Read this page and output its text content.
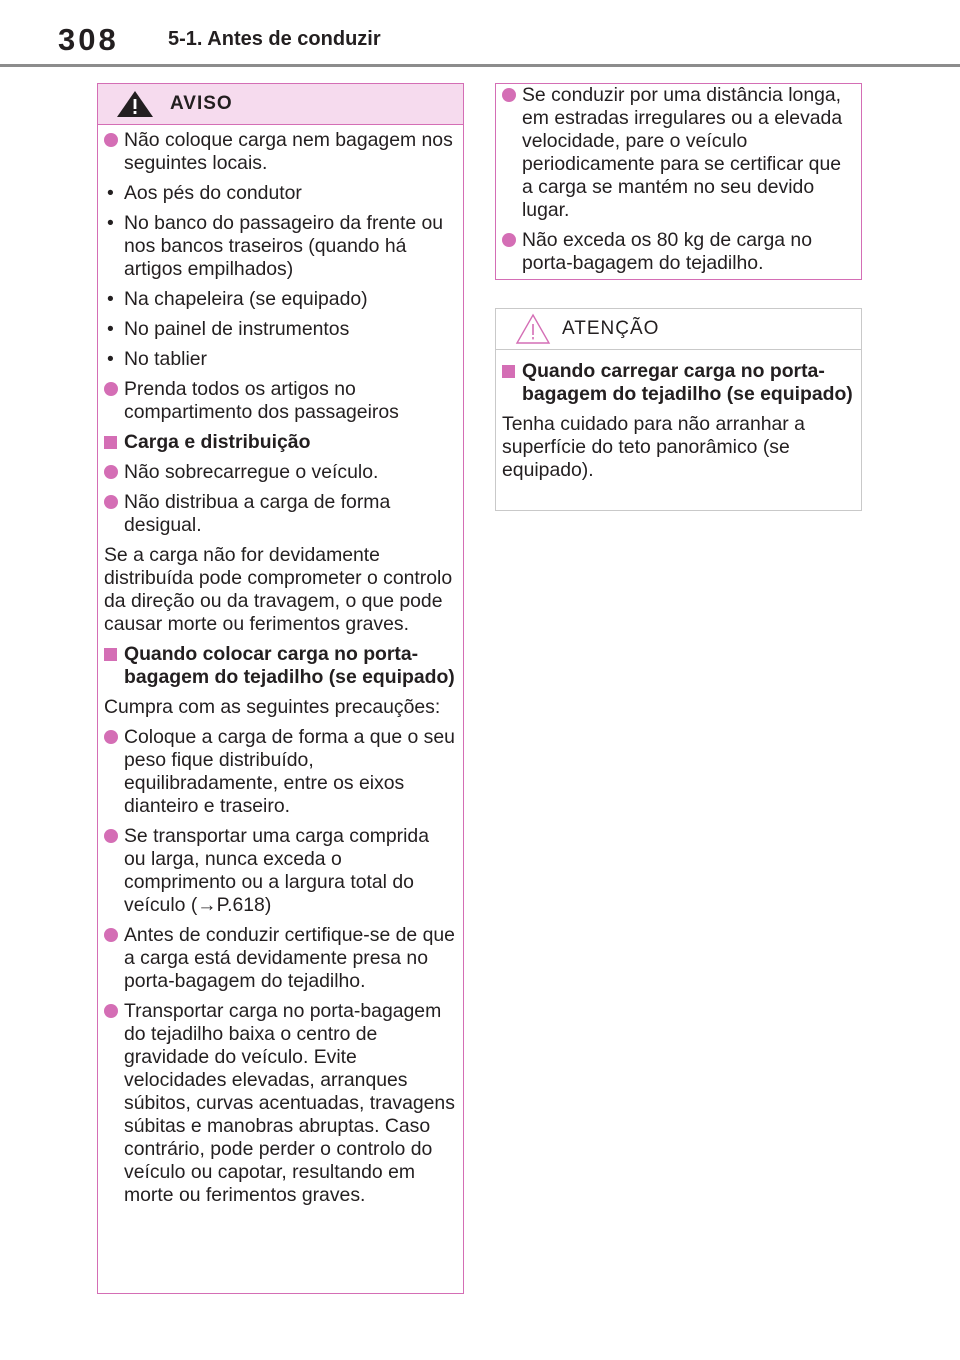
308 5-1. Antes de conduzir
AVISO
Não coloque carga nem bagagem nos seguintes locais.
• Aos pés do condutor
• No banco do passageiro da frente ou nos bancos traseiros (quando há artigos empilhados)
• Na chapeleira (se equipado)
• No painel de instrumentos
• No tablier
Prenda todos os artigos no compartimento dos passageiros
Carga e distribuição
Não sobrecarregue o veículo.
Não distribua a carga de forma desigual.
Se a carga não for devidamente distribuída pode comprometer o controlo da direção ou da travagem, o que pode causar morte ou ferimentos graves.
Quando colocar carga no porta-bagagem do tejadilho (se equipado)
Cumpra com as seguintes precauções:
Coloque a carga de forma a que o seu peso fique distribuído, equilibradamente, entre os eixos dianteiro e traseiro.
Se transportar uma carga comprida ou larga, nunca exceda o comprimento ou a largura total do veículo (→P.618)
Antes de conduzir certifique-se de que a carga está devidamente presa no porta-bagagem do tejadilho.
Transportar carga no porta-bagagem do tejadilho baixa o centro de gravidade do veículo. Evite velocidades elevadas, arranques súbitos, curvas acentuadas, travagens súbitas e manobras abruptas. Caso contrário, pode perder o controlo do veículo ou capotar, resultando em morte ou ferimentos graves.
Se conduzir por uma distância longa, em estradas irregulares ou a elevada velocidade, pare o veículo periodicamente para se certificar que a carga se mantém no seu devido lugar.
Não exceda os 80 kg de carga no porta-bagagem do tejadilho.
ATENÇÃO
Quando carregar carga no porta-bagagem do tejadilho (se equipado)
Tenha cuidado para não arranhar a superfície do teto panorâmico (se equipado).
